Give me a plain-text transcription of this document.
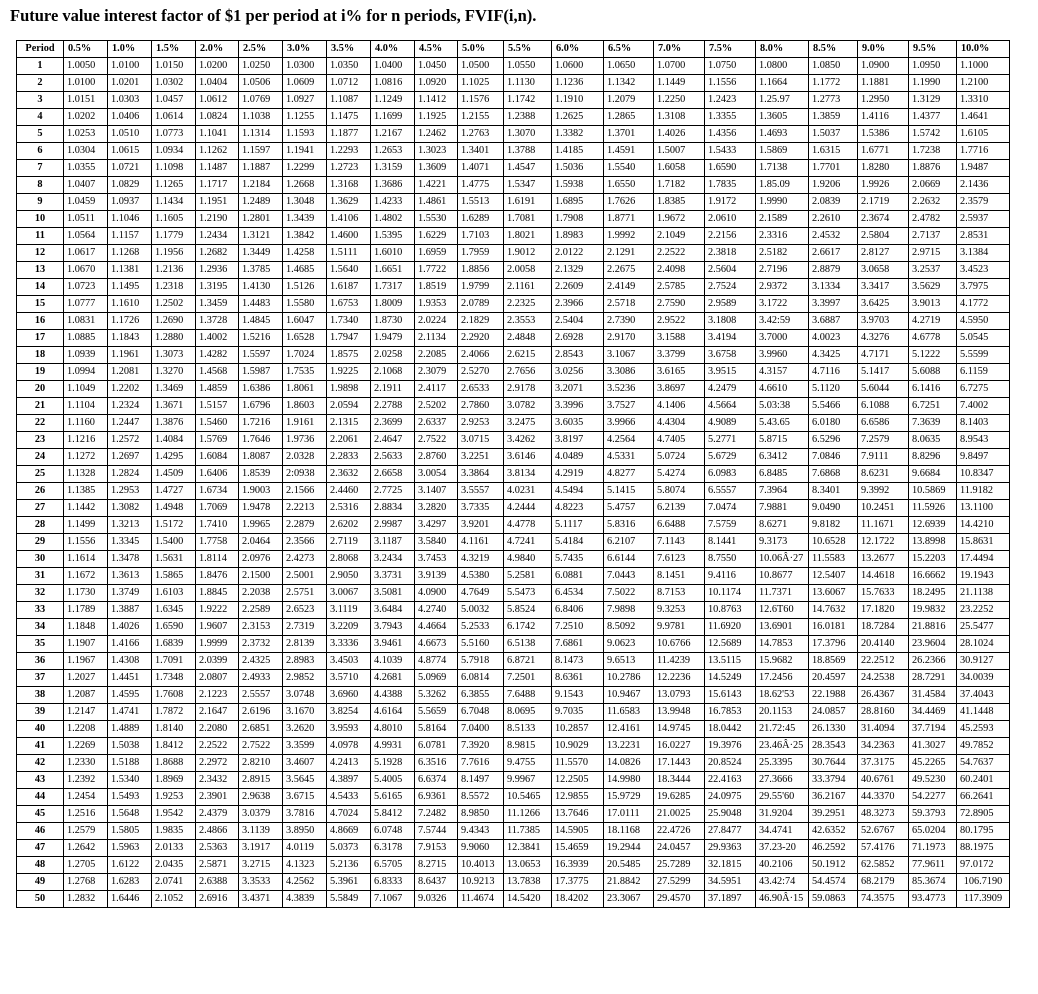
Future value interest factor of $1 per period at i% for n periods, FVIF(i,n).
Period	0.5%	1.0%	1.5%	2.0%	2.5%	3.0%	3.5%	4.0%	4.5%	5.0%	5.5%	6.0%	6.5%	7.0%	7.5%	8.0%	8.5%	9.0%	9.5%	10.0%
1	1.0050	1.0100	1.0150	1.0200	1.0250	1.0300	1.0350	1.0400	1.0450	1.0500	1.0550	1.0600	1.0650	1.0700	1.0750	1.0800	1.0850	1.0900	1.0950	1.1000
2	1.0100	1.0201	1.0302	1.0404	1.0506	1.0609	1.0712	1.0816	1.0920	1.1025	1.1130	1.1236	1.1342	1.1449	1.1556	1.1664	1.1772	1.1881	1.1990	1.2100
3	1.0151	1.0303	1.0457	1.0612	1.0769	1.0927	1.1087	1.1249	1.1412	1.1576	1.1742	1.1910	1.2079	1.2250	1.2423	1.25.97	1.2773	1.2950	1.3129	1.3310
4	1.0202	1.0406	1.0614	1.0824	1.1038	1.1255	1.1475	1.1699	1.1925	1.2155	1.2388	1.2625	1.2865	1.3108	1.3355	1.3605	1.3859	1.4116	1.4377	1.4641
5	1.0253	1.0510	1.0773	1.1041	1.1314	1.1593	1.1877	1.2167	1.2462	1.2763	1.3070	1.3382	1.3701	1.4026	1.4356	1.4693	1.5037	1.5386	1.5742	1.6105
6	1.0304	1.0615	1.0934	1.1262	1.1597	1.1941	1.2293	1.2653	1.3023	1.3401	1.3788	1.4185	1.4591	1.5007	1.5433	1.5869	1.6315	1.6771	1.7238	1.7716
7	1.0355	1.0721	1.1098	1.1487	1.1887	1.2299	1.2723	1.3159	1.3609	1.4071	1.4547	1.5036	1.5540	1.6058	1.6590	1.7138	1.7701	1.8280	1.8876	1.9487
8	1.0407	1.0829	1.1265	1.1717	1.2184	1.2668	1.3168	1.3686	1.4221	1.4775	1.5347	1.5938	1.6550	1.7182	1.7835	1.85.09	1.9206	1.9926	2.0669	2.1436
9	1.0459	1.0937	1.1434	1.1951	1.2489	1.3048	1.3629	1.4233	1.4861	1.5513	1.6191	1.6895	1.7626	1.8385	1.9172	1.9990	2.0839	2.1719	2.2632	2.3579
10	1.0511	1.1046	1.1605	1.2190	1.2801	1.3439	1.4106	1.4802	1.5530	1.6289	1.7081	1.7908	1.8771	1.9672	2.0610	2.1589	2.2610	2.3674	2.4782	2.5937
11	1.0564	1.1157	1.1779	1.2434	1.3121	1.3842	1.4600	1.5395	1.6229	1.7103	1.8021	1.8983	1.9992	2.1049	2.2156	2.3316	2.4532	2.5804	2.7137	2.8531
12	1.0617	1.1268	1.1956	1.2682	1.3449	1.4258	1.5111	1.6010	1.6959	1.7959	1.9012	2.0122	2.1291	2.2522	2.3818	2.5182	2.6617	2.8127	2.9715	3.1384
13	1.0670	1.1381	1.2136	1.2936	1.3785	1.4685	1.5640	1.6651	1.7722	1.8856	2.0058	2.1329	2.2675	2.4098	2.5604	2.7196	2.8879	3.0658	3.2537	3.4523
14	1.0723	1.1495	1.2318	1.3195	1.4130	1.5126	1.6187	1.7317	1.8519	1.9799	2.1161	2.2609	2.4149	2.5785	2.7524	2.9372	3.1334	3.3417	3.5629	3.7975
15	1.0777	1.1610	1.2502	1.3459	1.4483	1.5580	1.6753	1.8009	1.9353	2.0789	2.2325	2.3966	2.5718	2.7590	2.9589	3.1722	3.3997	3.6425	3.9013	4.1772
16	1.0831	1.1726	1.2690	1.3728	1.4845	1.6047	1.7340	1.8730	2.0224	2.1829	2.3553	2.5404	2.7390	2.9522	3.1808	3.42:59	3.6887	3.9703	4.2719	4.5950
17	1.0885	1.1843	1.2880	1.4002	1.5216	1.6528	1.7947	1.9479	2.1134	2.2920	2.4848	2.6928	2.9170	3.1588	3.4194	3.7000	4.0023	4.3276	4.6778	5.0545
18	1.0939	1.1961	1.3073	1.4282	1.5597	1.7024	1.8575	2.0258	2.2085	2.4066	2.6215	2.8543	3.1067	3.3799	3.6758	3.9960	4.3425	4.7171	5.1222	5.5599
19	1.0994	1.2081	1.3270	1.4568	1.5987	1.7535	1.9225	2.1068	2.3079	2.5270	2.7656	3.0256	3.3086	3.6165	3.9515	4.3157	4.7116	5.1417	5.6088	6.1159
20	1.1049	1.2202	1.3469	1.4859	1.6386	1.8061	1.9898	2.1911	2.4117	2.6533	2.9178	3.2071	3.5236	3.8697	4.2479	4.6610	5.1120	5.6044	6.1416	6.7275
21	1.1104	1.2324	1.3671	1.5157	1.6796	1.8603	2.0594	2.2788	2.5202	2.7860	3.0782	3.3996	3.7527	4.1406	4.5664	5.03:38	5.5466	6.1088	6.7251	7.4002
22	1.1160	1.2447	1.3876	1.5460	1.7216	1.9161	2.1315	2.3699	2.6337	2.9253	3.2475	3.6035	3.9966	4.4304	4.9089	5.43.65	6.0180	6.6586	7.3639	8.1403
23	1.1216	1.2572	1.4084	1.5769	1.7646	1.9736	2.2061	2.4647	2.7522	3.0715	3.4262	3.8197	4.2564	4.7405	5.2771	5.8715	6.5296	7.2579	8.0635	8.9543
24	1.1272	1.2697	1.4295	1.6084	1.8087	2.0328	2.2833	2.5633	2.8760	3.2251	3.6146	4.0489	4.5331	5.0724	5.6729	6.3412	7.0846	7.9111	8.8296	9.8497
25	1.1328	1.2824	1.4509	1.6406	1.8539	2:0938	2.3632	2.6658	3.0054	3.3864	3.8134	4.2919	4.8277	5.4274	6.0983	6.8485	7.6868	8.6231	9.6684	10.8347
26	1.1385	1.2953	1.4727	1.6734	1.9003	2.1566	2.4460	2.7725	3.1407	3.5557	4.0231	4.5494	5.1415	5.8074	6.5557	7.3964	8.3401	9.3992	10.5869	11.9182
27	1.1442	1.3082	1.4948	1.7069	1.9478	2.2213	2.5316	2.8834	3.2820	3.7335	4.2444	4.8223	5.4757	6.2139	7.0474	7.9881	9.0490	10.2451	11.5926	13.1100
28	1.1499	1.3213	1.5172	1.7410	1.9965	2.2879	2.6202	2.9987	3.4297	3.9201	4.4778	5.1117	5.8316	6.6488	7.5759	8.6271	9.8182	11.1671	12.6939	14.4210
29	1.1556	1.3345	1.5400	1.7758	2.0464	2.3566	2.7119	3.1187	3.5840	4.1161	4.7241	5.4184	6.2107	7.1143	8.1441	9.3173	10.6528	12.1722	13.8998	15.8631
30	1.1614	1.3478	1.5631	1.8114	2.0976	2.4273	2.8068	3.2434	3.7453	4.3219	4.9840	5.7435	6.6144	7.6123	8.7550	10.06Â·27	11.5583	13.2677	15.2203	17.4494
31	1.1672	1.3613	1.5865	1.8476	2.1500	2.5001	2.9050	3.3731	3.9139	4.5380	5.2581	6.0881	7.0443	8.1451	9.4116	10.8677	12.5407	14.4618	16.6662	19.1943
32	1.1730	1.3749	1.6103	1.8845	2.2038	2.5751	3.0067	3.5081	4.0900	4.7649	5.5473	6.4534	7.5022	8.7153	10.1174	11.7371	13.6067	15.7633	18.2495	21.1138
33	1.1789	1.3887	1.6345	1.9222	2.2589	2.6523	3.1119	3.6484	4.2740	5.0032	5.8524	6.8406	7.9898	9.3253	10.8763	12.6T60	14.7632	17.1820	19.9832	23.2252
34	1.1848	1.4026	1.6590	1.9607	2.3153	2.7319	3.2209	3.7943	4.4664	5.2533	6.1742	7.2510	8.5092	9.9781	11.6920	13.6901	16.0181	18.7284	21.8816	25.5477
35	1.1907	1.4166	1.6839	1.9999	2.3732	2.8139	3.3336	3.9461	4.6673	5.5160	6.5138	7.6861	9.0623	10.6766	12.5689	14.7853	17.3796	20.4140	23.9604	28.1024
36	1.1967	1.4308	1.7091	2.0399	2.4325	2.8983	3.4503	4.1039	4.8774	5.7918	6.8721	8.1473	9.6513	11.4239	13.5115	15.9682	18.8569	22.2512	26.2366	30.9127
37	1.2027	1.4451	1.7348	2.0807	2.4933	2.9852	3.5710	4.2681	5.0969	6.0814	7.2501	8.6361	10.2786	12.2236	14.5249	17.2456	20.4597	24.2538	28.7291	34.0039
38	1.2087	1.4595	1.7608	2.1223	2.5557	3.0748	3.6960	4.4388	5.3262	6.3855	7.6488	9.1543	10.9467	13.0793	15.6143	18.62'53	22.1988	26.4367	31.4584	37.4043
39	1.2147	1.4741	1.7872	2.1647	2.6196	3.1670	3.8254	4.6164	5.5659	6.7048	8.0695	9.7035	11.6583	13.9948	16.7853	20.1153	24.0857	28.8160	34.4469	41.1448
40	1.2208	1.4889	1.8140	2.2080	2.6851	3.2620	3.9593	4.8010	5.8164	7.0400	8.5133	10.2857	12.4161	14.9745	18.0442	21.72:45	26.1330	31.4094	37.7194	45.2593
41	1.2269	1.5038	1.8412	2.2522	2.7522	3.3599	4.0978	4.9931	6.0781	7.3920	8.9815	10.9029	13.2231	16.0227	19.3976	23.46Â·25	28.3543	34.2363	41.3027	49.7852
42	1.2330	1.5188	1.8688	2.2972	2.8210	3.4607	4.2413	5.1928	6.3516	7.7616	9.4755	11.5570	14.0826	17.1443	20.8524	25.3395	30.7644	37.3175	45.2265	54.7637
43	1.2392	1.5340	1.8969	2.3432	2.8915	3.5645	4.3897	5.4005	6.6374	8.1497	9.9967	12.2505	14.9980	18.3444	22.4163	27.3666	33.3794	40.6761	49.5230	60.2401
44	1.2454	1.5493	1.9253	2.3901	2.9638	3.6715	4.5433	5.6165	6.9361	8.5572	10.5465	12.9855	15.9729	19.6285	24.0975	29.55'60	36.2167	44.3370	54.2277	66.2641
45	1.2516	1.5648	1.9542	2.4379	3.0379	3.7816	4.7024	5.8412	7.2482	8.9850	11.1266	13.7646	17.0111	21.0025	25.9048	31.9204	39.2951	48.3273	59.3793	72.8905
46	1.2579	1.5805	1.9835	2.4866	3.1139	3.8950	4.8669	6.0748	7.5744	9.4343	11.7385	14.5905	18.1168	22.4726	27.8477	34.4741	42.6352	52.6767	65.0204	80.1795
47	1.2642	1.5963	2.0133	2.5363	3.1917	4.0119	5.0373	6.3178	7.9153	9.9060	12.3841	15.4659	19.2944	24.0457	29.9363	37.23-20	46.2592	57.4176	71.1973	88.1975
48	1.2705	1.6122	2.0435	2.5871	3.2715	4.1323	5.2136	6.5705	8.2715	10.4013	13.0653	16.3939	20.5485	25.7289	32.1815	40.2106	50.1912	62.5852	77.9611	97.0172
49	1.2768	1.6283	2.0741	2.6388	3.3533	4.2562	5.3961	6.8333	8.6437	10.9213	13.7838	17.3775	21.8842	27.5299	34.5951	43.42:74	54.4574	68.2179	85.3674	106.7190
50	1.2832	1.6446	2.1052	2.6916	3.4371	4.3839	5.5849	7.1067	9.0326	11.4674	14.5420	18.4202	23.3067	29.4570	37.1897	46.90Â·15	59.0863	74.3575	93.4773	117.3909
